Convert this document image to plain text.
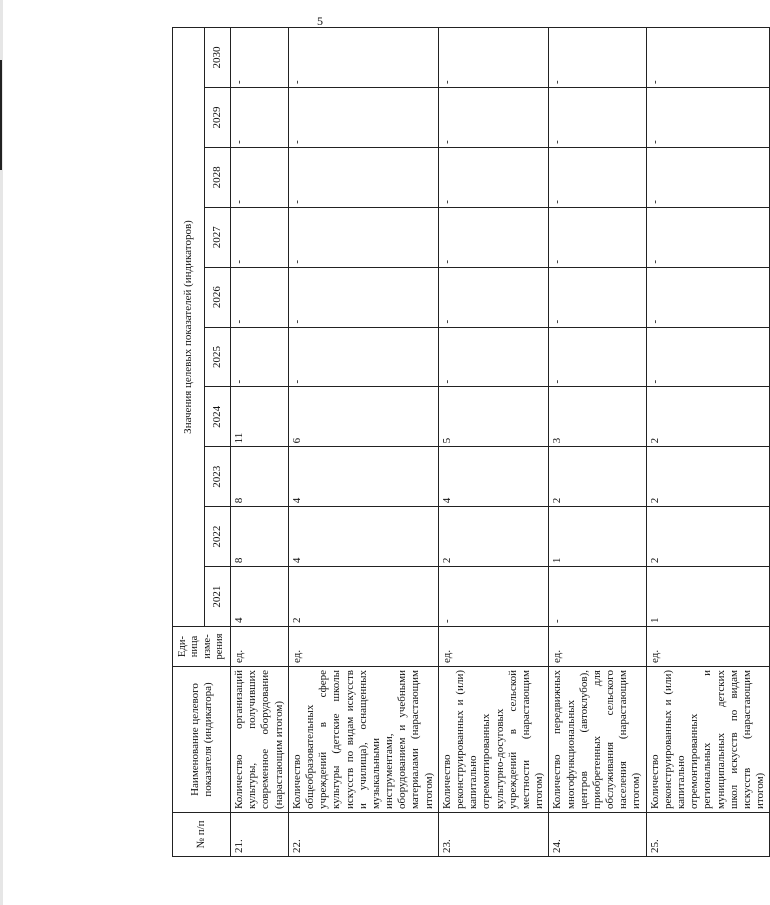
5
№ п/п	Наименование целевого показателя (индикатора)	Еди-ница изме-рения	Значения целевых показателей (индикаторов)									
			2021	2022	2023	2024	2025	2026	2027	2028	2029	2030
21.	Количество организаций культуры, получивших современное оборудование (нарастающим итогом)	ед.	4	8	8	11	-	-	-	-	-	-
22.	Количество общеобразовательных учреждений в сфере культуры (детские школы искусств по видам искусств и училища), оснащенных музыкальными инструментами, оборудованием и учебными материалами (нарастающим итогом)	ед.	2	4	4	6	-	-	-	-	-	-
23.	Количество реконструированных и (или) капитально отремонтированных культурно-досуговых учреждений в сельской местности (нарастающим итогом)	ед.	-	2	4	5	-	-	-	-	-	-
24.	Количество передвижных многофункциональных центров (автоклубов), приобретенных для обслуживания сельского населения (нарастающим итогом)	ед.	-	1	2	3	-	-	-	-	-	-
25.	Количество реконструированных и (или) капитально отремонтированных региональных и муниципальных детских школ искусств по видам искусств (нарастающим итогом)	ед.	1	2	2	2	-	-	-	-	-	-
